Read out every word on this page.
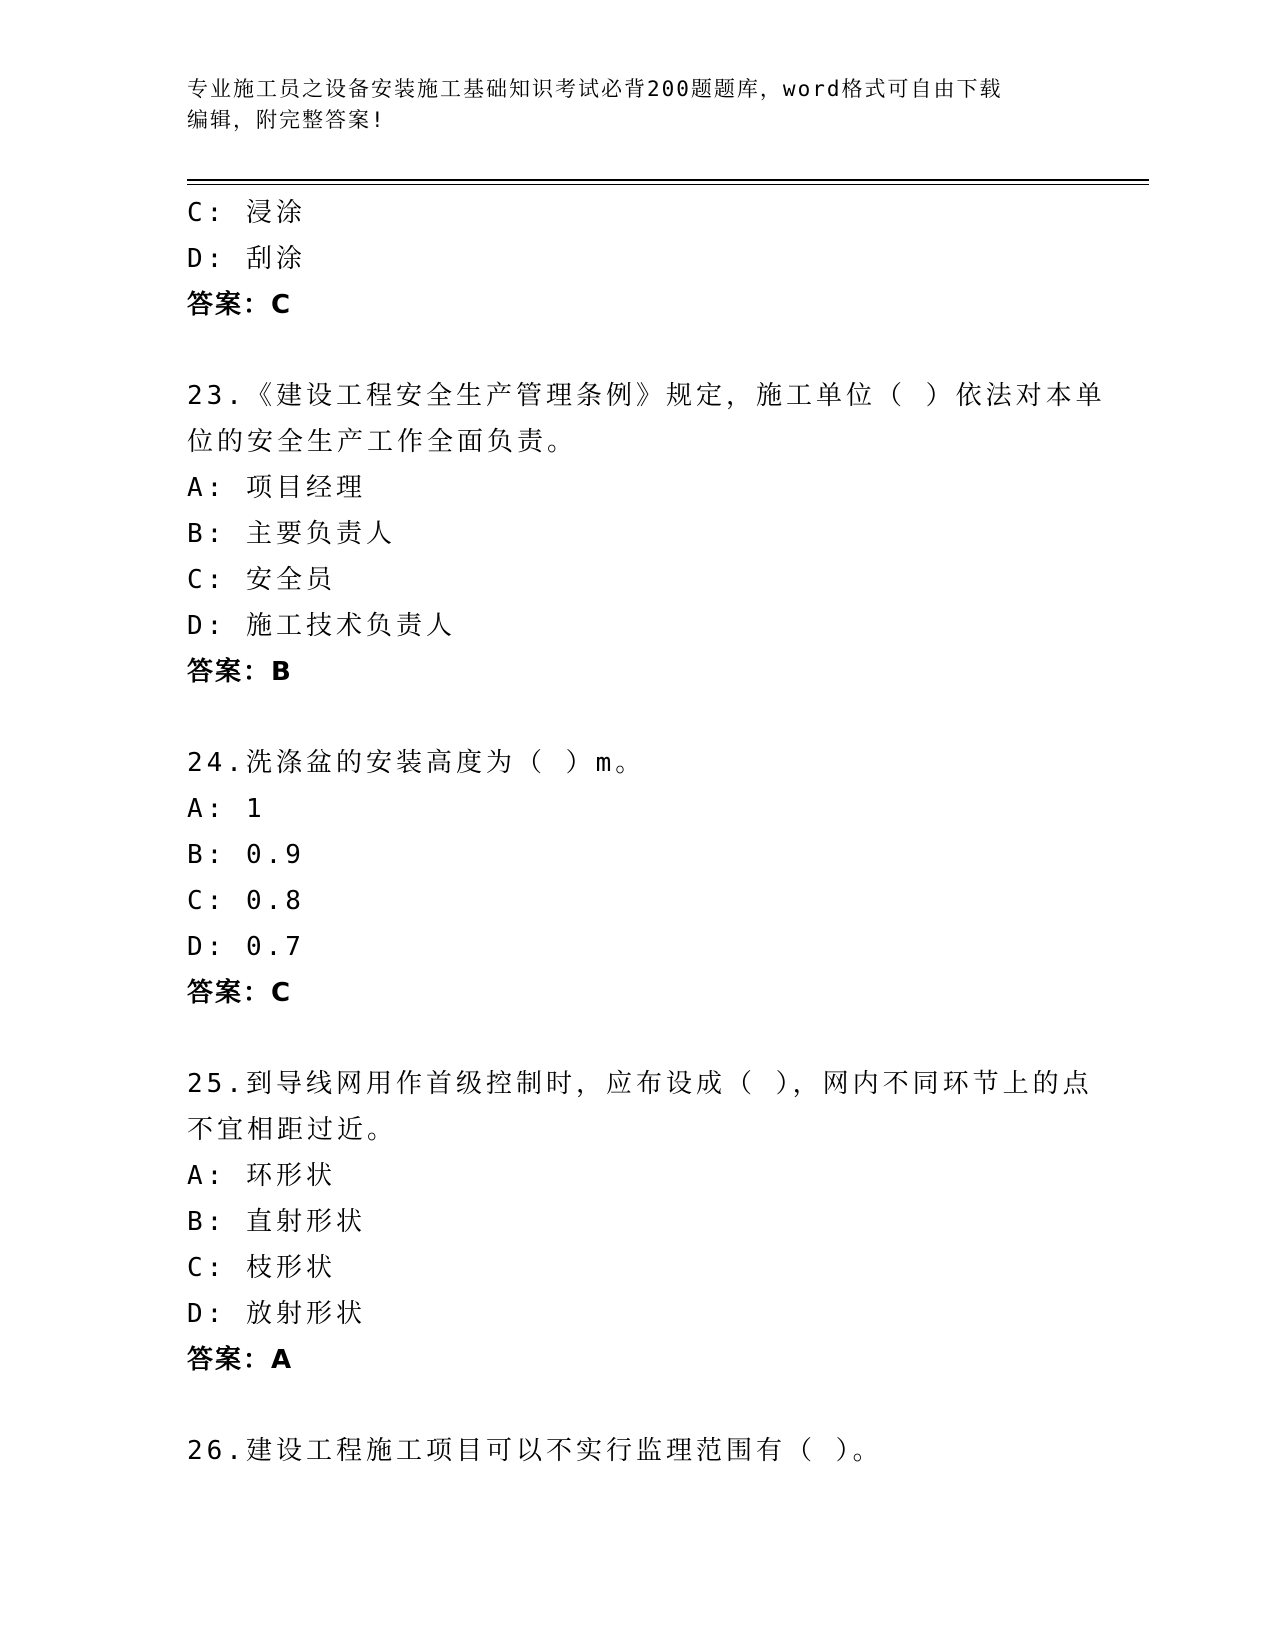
专业施工员之设备安装施工基础知识考试必背200题题库，word格式可自由下载
编辑，附完整答案!
C: 浸涂
D: 刮涂
答案：C
23.《建设工程安全生产管理条例》规定，施工单位（ ）依法对本单
位的安全生产工作全面负责。
A: 项目经理
B: 主要负责人
C: 安全员
D: 施工技术负责人
答案：B
24.洗涤盆的安装高度为（ ）m。
A: 1
B: 0.9
C: 0.8
D: 0.7
答案：C
25.到导线网用作首级控制时，应布设成（ ），网内不同环节上的点
不宜相距过近。
A: 环形状
B: 直射形状
C: 枝形状
D: 放射形状
答案：A
26.建设工程施工项目可以不实行监理范围有（ ）。
